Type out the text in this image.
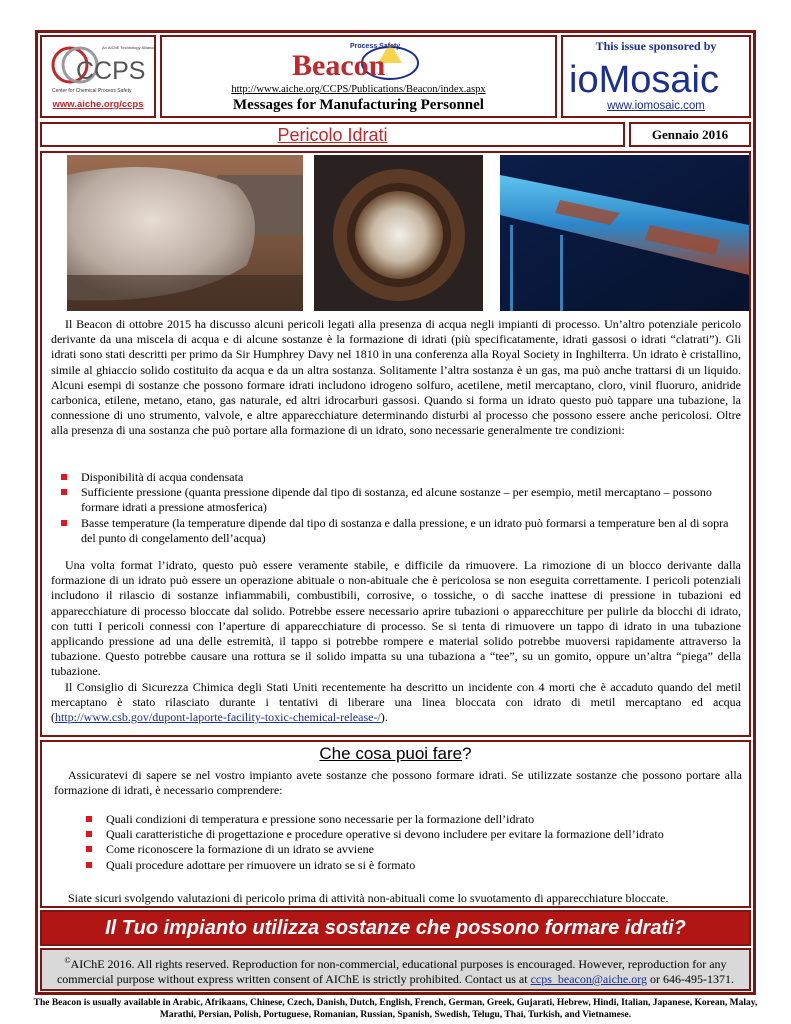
CCPS
An AIChE Technology Alliance
Center for Chemical Process Safety
www.aiche.org/ccps
Process Safety
Beacon
http://www.aiche.org/CCPS/Publications/Beacon/index.aspx
Messages for Manufacturing Personnel
This issue sponsored by
ioMosaic
www.iomosaic.com
Pericolo Idrati	Gennaio 2016
Il Beacon di ottobre 2015 ha discusso alcuni pericoli legati alla presenza di acqua negli impianti di processo. Un’altro potenziale pericolo derivante da una miscela di acqua e di alcune sostanze è la formazione di idrati (più specificatamente, idrati gassosi o idrati “clatrati”). Gli idrati sono stati descritti per primo da Sir Humphrey Davy nel 1810 in una conferenza alla Royal Society in Inghilterra. Un idrato è cristallino, simile al ghiaccio solido costituito da acqua e da un altra sostanza. Solitamente l’altra sostanza è un gas, ma può anche trattarsi di un liquido. Alcuni esempi di sostanze che possono formare idrati includono idrogeno solfuro, acetilene, metil mercaptano, cloro, vinil fluoruro, anidride carbonica, etilene, metano, etano, gas naturale, ed altri idrocarburi gassosi. Quando si forma un idrato questo può tappare una tubazione, la connessione di uno strumento, valvole, e altre apparecchiature determinando disturbi al processo che possono essere anche pericolosi. Oltre alla presenza di una sostanza che può portare alla formazione di un idrato, sono necessarie generalmente tre condizioni:
Disponibilità di acqua condensata
Sufficiente pressione (quanta pressione dipende dal tipo di sostanza, ed alcune sostanze – per esempio, metil mercaptano – possono formare idrati a pressione atmosferica)
Basse temperature (la temperature dipende dal tipo di sostanza e dalla pressione, e un idrato può formarsi a temperature ben al di sopra del punto di congelamento dell’acqua)

Una volta format l’idrato, questo può essere veramente stabile, e difficile da rimuovere. La rimozione di un blocco derivante dalla formazione di un idrato può essere un operazione abituale o non-abituale che è pericolosa se non eseguita correttamente. I pericoli potenziali includono il rilascio di sostanze infiammabili, combustibili, corrosive, o tossiche, o di sacche inattese di pressione in tubazioni ed apparecchiature di processo bloccate dal solido. Potrebbe essere necessario aprire tubazioni o apparecchiture per pulirle da blocchi di idrato, con tutti I pericoli connessi con l’aperture di apparecchiature di processo. Se si tenta di rimuovere un tappo di idrato in una tubazione applicando pressione ad una delle estremità, il tappo si potrebbe rompere e material solido potrebbe muoversi rapidamente attraverso la tubazione. Questo potrebbe causare una rottura se il solido impatta su una tubaziona a “tee”, su un gomito, oppure un’altra “piega” della tubazione.

Il Consiglio di Sicurezza Chimica degli Stati Uniti recentemente ha descritto un incidente con 4 morti che è accaduto quando del metil mercaptano è stato rilasciato durante i tentativi di liberare una linea bloccata con idrato di metil mercaptano ed acqua (http://www.csb.gov/dupont-laporte-facility-toxic-chemical-release-/).

Che cosa puoi fare?
Assicuratevi di sapere se nel vostro impianto avete sostanze che possono formare idrati. Se utilizzate sostanze che possono portare alla formazione di idrati, è necessario comprendere:
Quali condizioni di temperatura e pressione sono necessarie per la formazione dell’idrato
Quali caratteristiche di progettazione e procedure operative si devono includere per evitare la formazione dell’idrato
Come riconoscere la formazione di un idrato se avviene
Quali procedure adottare per rimuovere un idrato se si è formato
Siate sicuri svolgendo valutazioni di pericolo prima di attività non-abituali come lo svuotamento di apparecchiature bloccate.
Il Tuo impianto utilizza sostanze che possono formare idrati?
©AIChE 2016. All rights reserved. Reproduction for non-commercial, educational purposes is encouraged. However, reproduction for any commercial purpose without express written consent of AIChE is strictly prohibited. Contact us at ccps_beacon@aiche.org or 646-495-1371.
The Beacon is usually available in Arabic, Afrikaans, Chinese, Czech, Danish, Dutch, English, French, German, Greek, Gujarati, Hebrew, Hindi, Italian, Japanese, Korean, Malay, Marathi, Persian, Polish, Portuguese, Romanian, Russian, Spanish, Swedish, Telugu, Thai, Turkish, and Vietnamese.
